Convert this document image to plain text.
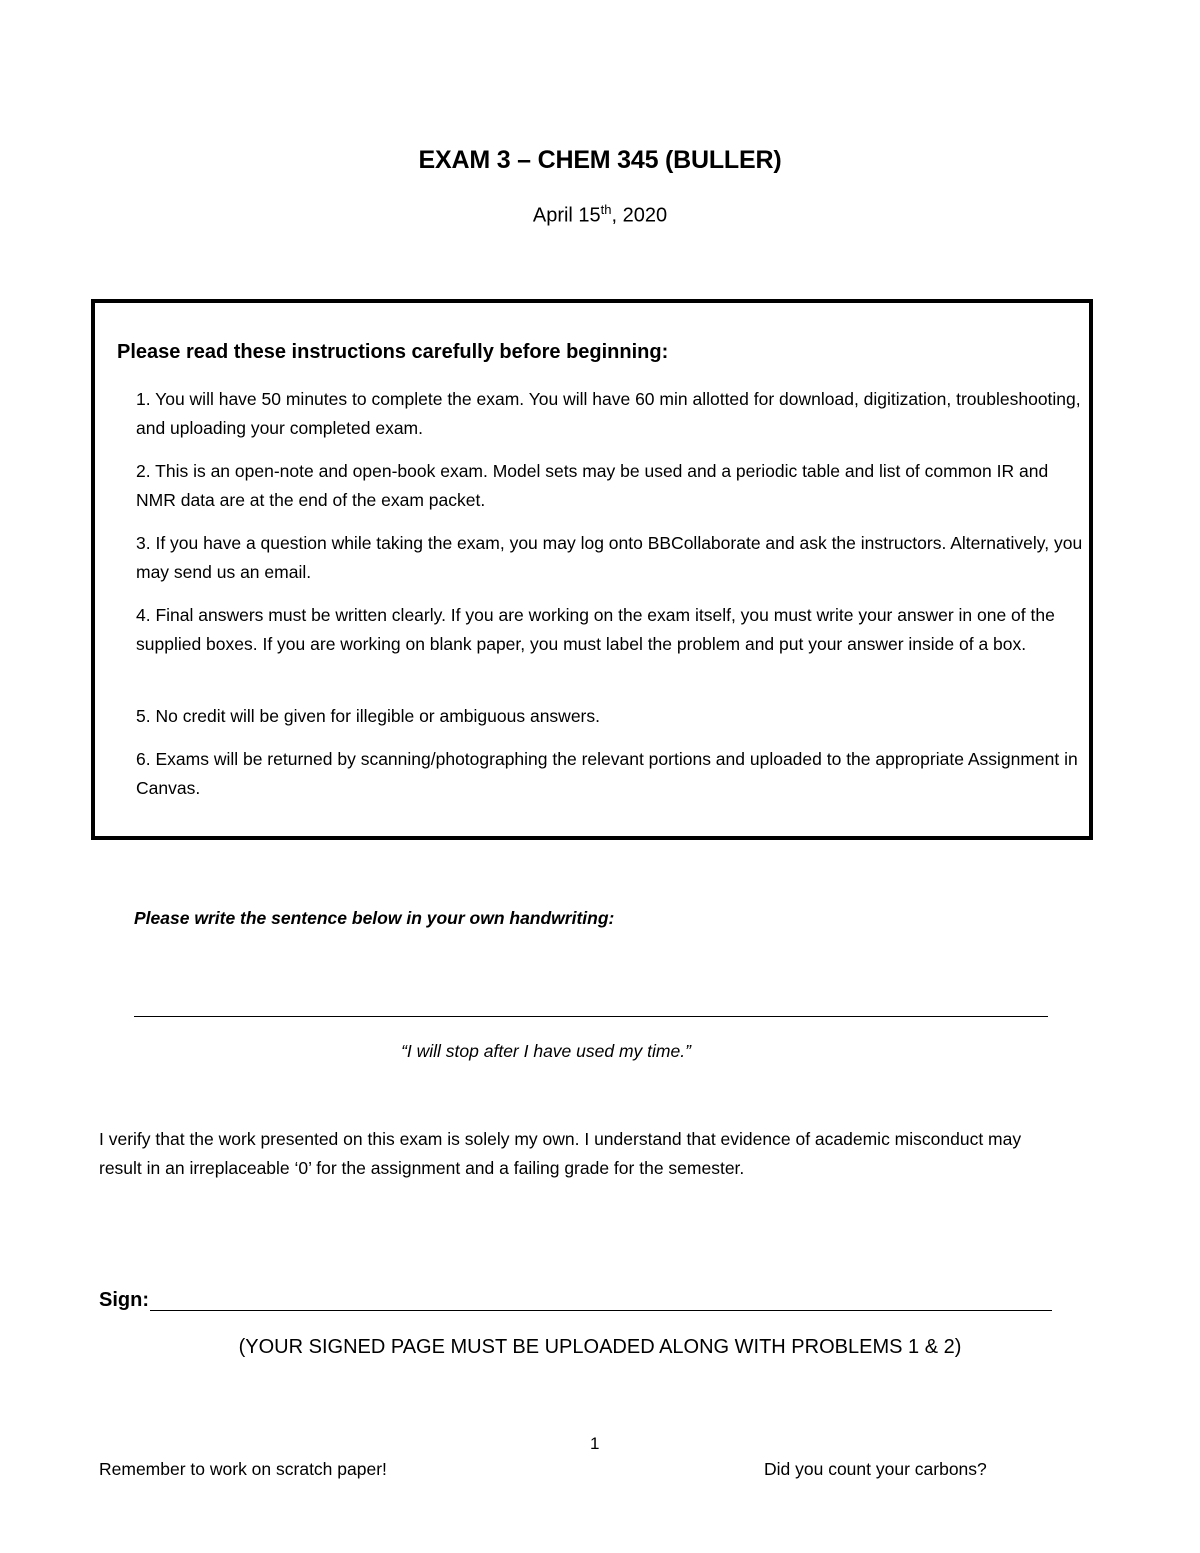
EXAM 3 – CHEM 345 (BULLER)
April 15th, 2020
Please read these instructions carefully before beginning:
1. You will have 50 minutes to complete the exam. You will have 60 min allotted for download, digitization, troubleshooting, and uploading your completed exam.
2. This is an open-note and open-book exam. Model sets may be used and a periodic table and list of common IR and NMR data are at the end of the exam packet.
3. If you have a question while taking the exam, you may log onto BBCollaborate and ask the instructors. Alternatively, you may send us an email.
4. Final answers must be written clearly. If you are working on the exam itself, you must write your answer in one of the supplied boxes. If you are working on blank paper, you must label the problem and put your answer inside of a box.
5. No credit will be given for illegible or ambiguous answers.
6. Exams will be returned by scanning/photographing the relevant portions and uploaded to the appropriate Assignment in Canvas.
Please write the sentence below in your own handwriting:
“I will stop after I have used my time.”
I verify that the work presented on this exam is solely my own. I understand that evidence of academic misconduct may result in an irreplaceable ‘0’ for the assignment and a failing grade for the semester.
Sign:
(YOUR SIGNED PAGE MUST BE UPLOADED ALONG WITH PROBLEMS 1 & 2)
1
Remember to work on scratch paper!	Did you count your carbons?
